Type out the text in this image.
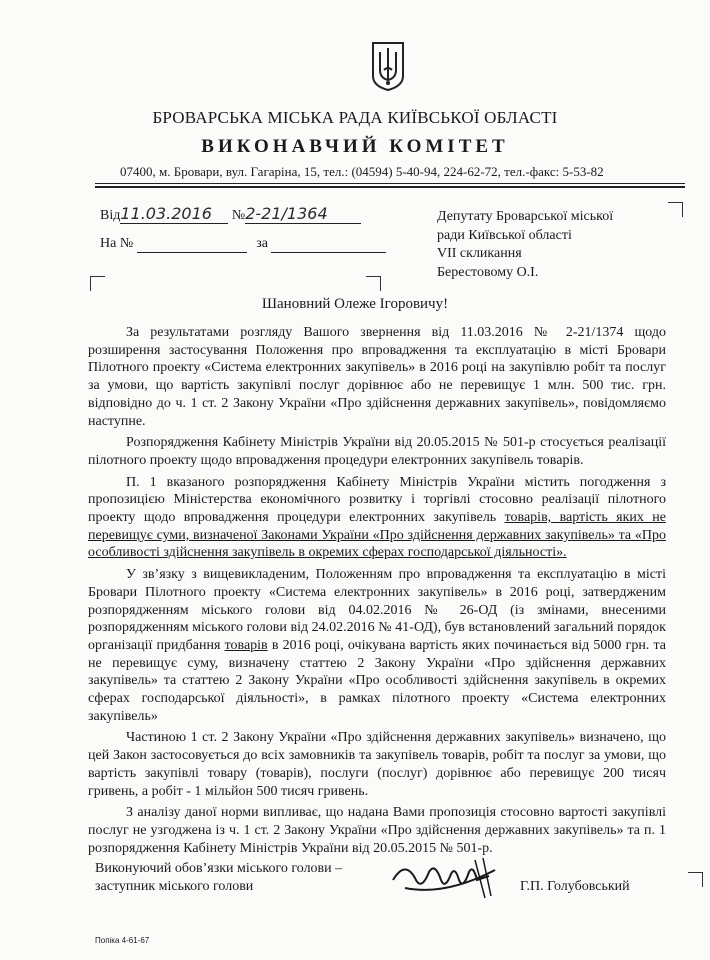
БРОВАРСЬКА МІСЬКА РАДА КИЇВСЬКОЇ ОБЛАСТІ
ВИКОНАВЧИЙ КОМІТЕТ
07400, м. Бровари, вул. Гагаріна, 15, тел.: (04594) 5-40-94, 224-62-72, тел.-факс: 5-53-82
Від11.03.2016 №2-21/1364
На №	за
Депутату Броварської міської
ради Київської області
VII скликання
Берестовому О.І.
Шановний Олеже Ігоровичу!

За результатами розгляду Вашого звернення від 11.03.2016 № 2-21/1374 щодо розширення застосування Положення про впровадження та експлуатацію в місті Бровари Пілотного проекту «Система електронних закупівель» в 2016 році на закупівлю робіт та послуг за умови, що вартість закупівлі послуг дорівнює або не перевищує 1 млн. 500 тис. грн. відповідно до ч. 1 ст. 2 Закону України «Про здійснення державних закупівель», повідомляємо наступне.

Розпорядження Кабінету Міністрів України від 20.05.2015 № 501-р стосується реалізації пілотного проекту щодо впровадження процедури електронних закупівель товарів.

П. 1 вказаного розпорядження Кабінету Міністрів України містить погодження з пропозицією Міністерства економічного розвитку і торгівлі стосовно реалізації пілотного проекту щодо впровадження процедури електронних закупівель товарів, вартість яких не перевищує суми, визначеної Законами України «Про здійснення державних закупівель» та «Про особливості здійснення закупівель в окремих сферах господарської діяльності».

У зв’язку з вищевикладеним, Положенням про впровадження та експлуатацію в місті Бровари Пілотного проекту «Система електронних закупівель» в 2016 році, затвердженим розпорядженням міського голови від 04.02.2016 № 26-ОД (із змінами, внесеними розпорядженням міського голови від 24.02.2016 № 41-ОД), був встановлений загальний порядок організації придбання товарів в 2016 році, очікувана вартість яких починається від 5000 грн. та не перевищує суму, визначену статтею 2 Закону України «Про здійснення державних закупівель» та статтею 2 Закону України «Про особливості здійснення закупівель в окремих сферах господарської діяльності», в рамках пілотного проекту «Система електронних закупівель»

Частиною 1 ст. 2 Закону України «Про здійснення державних закупівель» визначено, що цей Закон застосовується до всіх замовників та закупівель товарів, робіт та послуг за умови, що вартість закупівлі товару (товарів), послуги (послуг) дорівнює або перевищує 200 тисяч гривень, а робіт - 1 мільйон 500 тисяч гривень.

З аналізу даної норми випливає, що надана Вами пропозиція стосовно вартості закупівлі послуг не узгоджена із ч. 1 ст. 2 Закону України «Про здійснення державних закупівель» та п. 1 розпорядження Кабінету Міністрів України від 20.05.2015 № 501-р.

Виконуючий обов’язки міського голови –
заступник міського голови	Г.П. Голубовський
Попіка 4-61-67
